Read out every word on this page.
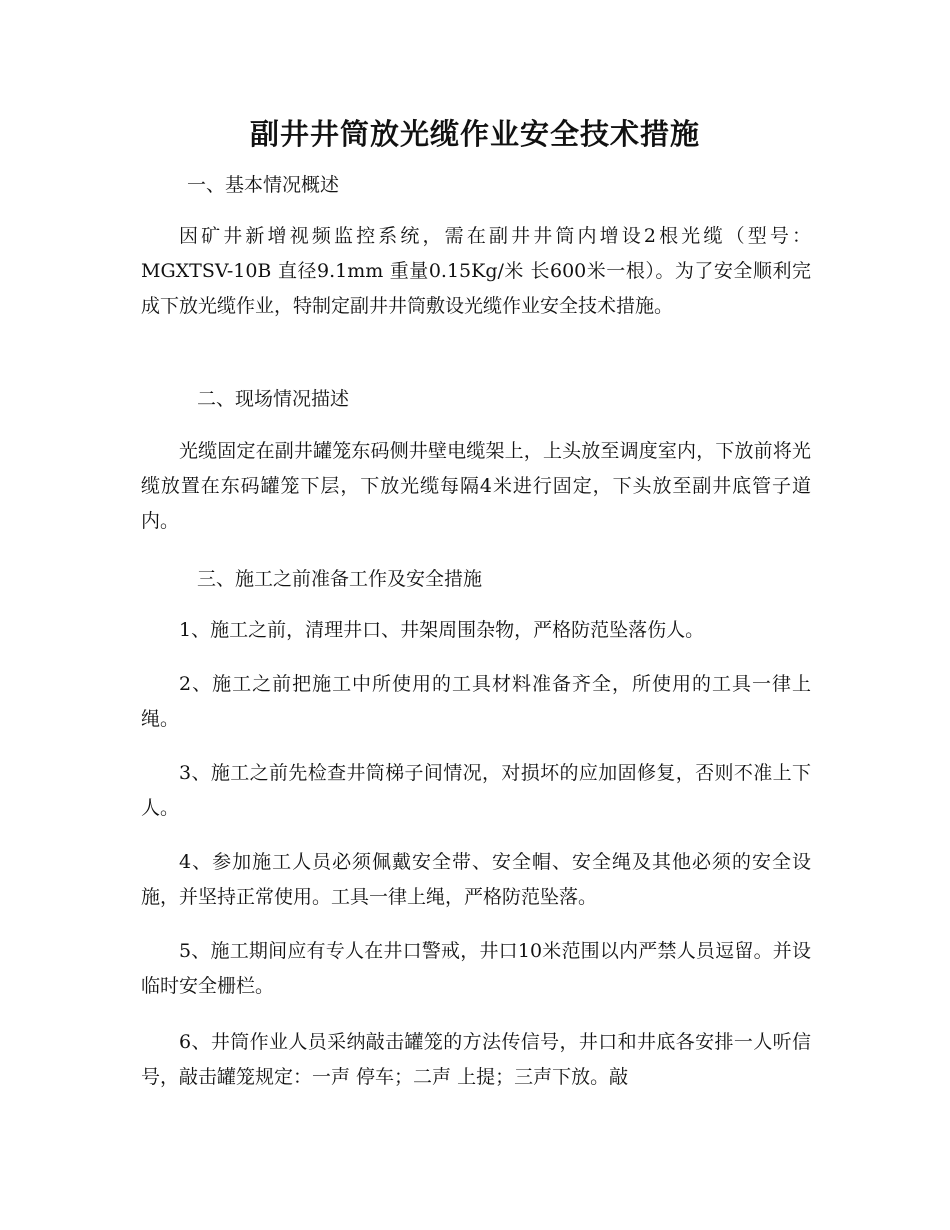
副井井筒放光缆作业安全技术措施

一、基本情况概述

因矿井新增视频监控系统，需在副井井筒内增设2根光缆（型号：MGXTSV-10B 直径9.1mm 重量0.15Kg/米 长600米一根）。为了安全顺利完成下放光缆作业，特制定副井井筒敷设光缆作业安全技术措施。

二、现场情况描述

光缆固定在副井罐笼东码侧井壁电缆架上，上头放至调度室内，下放前将光缆放置在东码罐笼下层，下放光缆每隔4米进行固定，下头放至副井底管子道内。

三、施工之前准备工作及安全措施

1、施工之前，清理井口、井架周围杂物，严格防范坠落伤人。

2、施工之前把施工中所使用的工具材料准备齐全，所使用的工具一律上绳。

3、施工之前先检查井筒梯子间情况，对损坏的应加固修复，否则不准上下人。

4、参加施工人员必须佩戴安全带、安全帽、安全绳及其他必须的安全设施，并坚持正常使用。工具一律上绳，严格防范坠落。

5、施工期间应有专人在井口警戒，井口10米范围以内严禁人员逗留。并设临时安全栅栏。

6、井筒作业人员采纳敲击罐笼的方法传信号，井口和井底各安排一人听信号，敲击罐笼规定：一声 停车；二声 上提；三声下放。敲
